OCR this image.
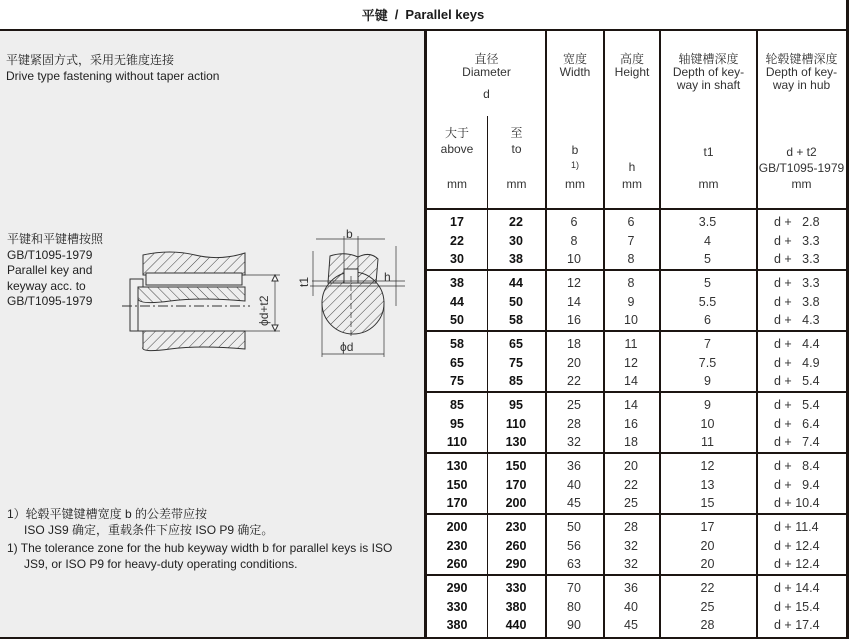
平键 / Parallel keys
平键紧固方式，采用无锥度连接
Drive type fastening without taper action
平键和平键槽按照
GB/T1095-1979
Parallel key and
keyway acc. to
GB/T1095-1979	ϕd+t2
b
h
t1
ϕd
1）轮毂平键键槽宽度 b 的公差带应按
ISO JS9 确定，重载条件下应按 ISO P9 确定。
1) The tolerance zone for the hub keyway width b for parallel keys is ISO
JS9, or ISO P9 for heavy-duty operating conditions.
直径
Diameter
d
大于
above
mm
至
to
mm
宽度
Width
b
1)
mm
高度
Height
h
mm
轴键槽深度
Depth of key-
way in shaft
t1
mm
轮毂键槽深度
Depth of key-
way in hub
d + t2
GB/T1095-1979
mm
17	22	6	6	3.5	d +   2.8
22	30	8	7	4	d +   3.3
30	38	10	8	5	d +   3.3
38	44	12	8	5	d +   3.3
44	50	14	9	5.5	d +   3.8
50	58	16	10	6	d +   4.3
58	65	18	11	7	d +   4.4
65	75	20	12	7.5	d +   4.9
75	85	22	14	9	d +   5.4
85	95	25	14	9	d +   5.4
95	110	28	16	10	d +   6.4
110	130	32	18	11	d +   7.4
130	150	36	20	12	d +   8.4
150	170	40	22	13	d +   9.4
170	200	45	25	15	d + 10.4
200	230	50	28	17	d + 11.4
230	260	56	32	20	d + 12.4
260	290	63	32	20	d + 12.4
290	330	70	36	22	d + 14.4
330	380	80	40	25	d + 15.4
380	440	90	45	28	d + 17.4
